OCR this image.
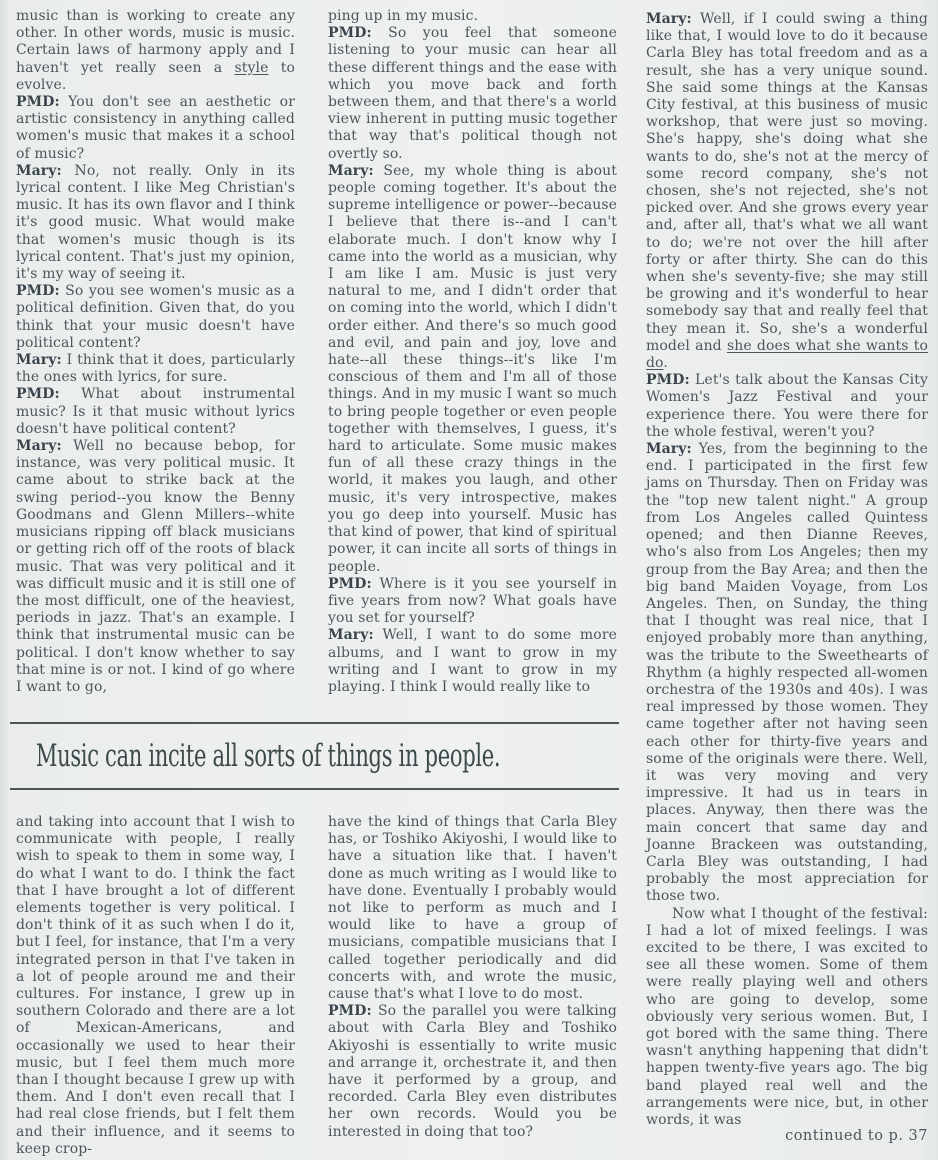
music than is working to create any other. In other words, music is music. Certain laws of harmony apply and I haven't yet really seen a style to evolve.

PMD: You don't see an aesthetic or artistic consistency in anything called women's music that makes it a school of music?

Mary: No, not really. Only in its lyrical content. I like Meg Christian's music. It has its own flavor and I think it's good music. What would make that women's music though is its lyrical content. That's just my opinion, it's my way of seeing it.

PMD: So you see women's music as a political definition. Given that, do you think that your music doesn't have political content?

Mary: I think that it does, particularly the ones with lyrics, for sure.

PMD: What about instrumental music? Is it that music without lyrics doesn't have political content?

Mary: Well no because bebop, for instance, was very political music. It came about to strike back at the swing period--you know the Benny Goodmans and Glenn Millers--white musicians ripping off black musicians or getting rich off of the roots of black music. That was very political and it was difficult music and it is still one of the most difficult, one of the heaviest, periods in jazz. That's an example. I think that instrumental music can be political. I don't know whether to say that mine is or not. I kind of go where I want to go,

ping up in my music.

PMD: So you feel that someone listening to your music can hear all these different things and the ease with which you move back and forth between them, and that there's a world view inherent in putting music together that way that's political though not overtly so.

Mary: See, my whole thing is about people coming together. It's about the supreme intelligence or power--because I believe that there is--and I can't elaborate much. I don't know why I came into the world as a musician, why I am like I am. Music is just very natural to me, and I didn't order that on coming into the world, which I didn't order either. And there's so much good and evil, and pain and joy, love and hate--all these things--it's like I'm conscious of them and I'm all of those things. And in my music I want so much to bring people together or even people together with themselves, I guess, it's hard to articulate. Some music makes fun of all these crazy things in the world, it makes you laugh, and other music, it's very introspective, makes you go deep into yourself. Music has that kind of power, that kind of spiritual power, it can incite all sorts of things in people.

PMD: Where is it you see yourself in five years from now? What goals have you set for yourself?

Mary: Well, I want to do some more albums, and I want to grow in my writing and I want to grow in my playing. I think I would really like to

Mary: Well, if I could swing a thing like that, I would love to do it because Carla Bley has total freedom and as a result, she has a very unique sound. She said some things at the Kansas City festival, at this business of music workshop, that were just so moving. She's happy, she's doing what she wants to do, she's not at the mercy of some record company, she's not chosen, she's not rejected, she's not picked over. And she grows every year and, after all, that's what we all want to do; we're not over the hill after forty or after thirty. She can do this when she's seventy-five; she may still be growing and it's wonderful to hear somebody say that and really feel that they mean it. So, she's a wonderful model and she does what she wants to do.

PMD: Let's talk about the Kansas City Women's Jazz Festival and your experience there. You were there for the whole festival, weren't you?

Mary: Yes, from the beginning to the end. I participated in the first few jams on Thursday. Then on Friday was the "top new talent night." A group from Los Angeles called Quintess opened; and then Dianne Reeves, who's also from Los Angeles; then my group from the Bay Area; and then the big band Maiden Voyage, from Los Angeles. Then, on Sunday, the thing that I thought was real nice, that I enjoyed probably more than anything, was the tribute to the Sweethearts of Rhythm (a highly respected all-women orchestra of the 1930s and 40s). I was real impressed by those women. They came together after not having seen each other for thirty-five years and some of the originals were there. Well, it was very moving and very impressive. It had us in tears in places. Anyway, then there was the main concert that same day and Joanne Brackeen was outstanding, Carla Bley was outstanding, I had probably the most appreciation for those two.

Now what I thought of the festival: I had a lot of mixed feelings. I was excited to be there, I was excited to see all these women. Some of them were really playing well and others who are going to develop, some obviously very serious women. But, I got bored with the same thing. There wasn't anything happening that didn't happen twenty-five years ago. The big band played real well and the arrangements were nice, but, in other words, it was

Music can incite all sorts of things in people.

and taking into account that I wish to communicate with people, I really wish to speak to them in some way, I do what I want to do. I think the fact that I have brought a lot of different elements together is very political. I don't think of it as such when I do it, but I feel, for instance, that I'm a very integrated person in that I've taken in a lot of people around me and their cultures. For instance, I grew up in southern Colorado and there are a lot of Mexican-Americans, and occasionally we used to hear their music, but I feel them much more than I thought because I grew up with them. And I don't even recall that I had real close friends, but I felt them and their influence, and it seems to keep crop-

have the kind of things that Carla Bley has, or Toshiko Akiyoshi, I would like to have a situation like that. I haven't done as much writing as I would like to have done. Eventually I probably would not like to perform as much and I would like to have a group of musicians, compatible musicians that I called together periodically and did concerts with, and wrote the music, cause that's what I love to do most.

PMD: So the parallel you were talking about with Carla Bley and Toshiko Akiyoshi is essentially to write music and arrange it, orchestrate it, and then have it performed by a group, and recorded. Carla Bley even distributes her own records. Would you be interested in doing that too?	continued to p. 37
